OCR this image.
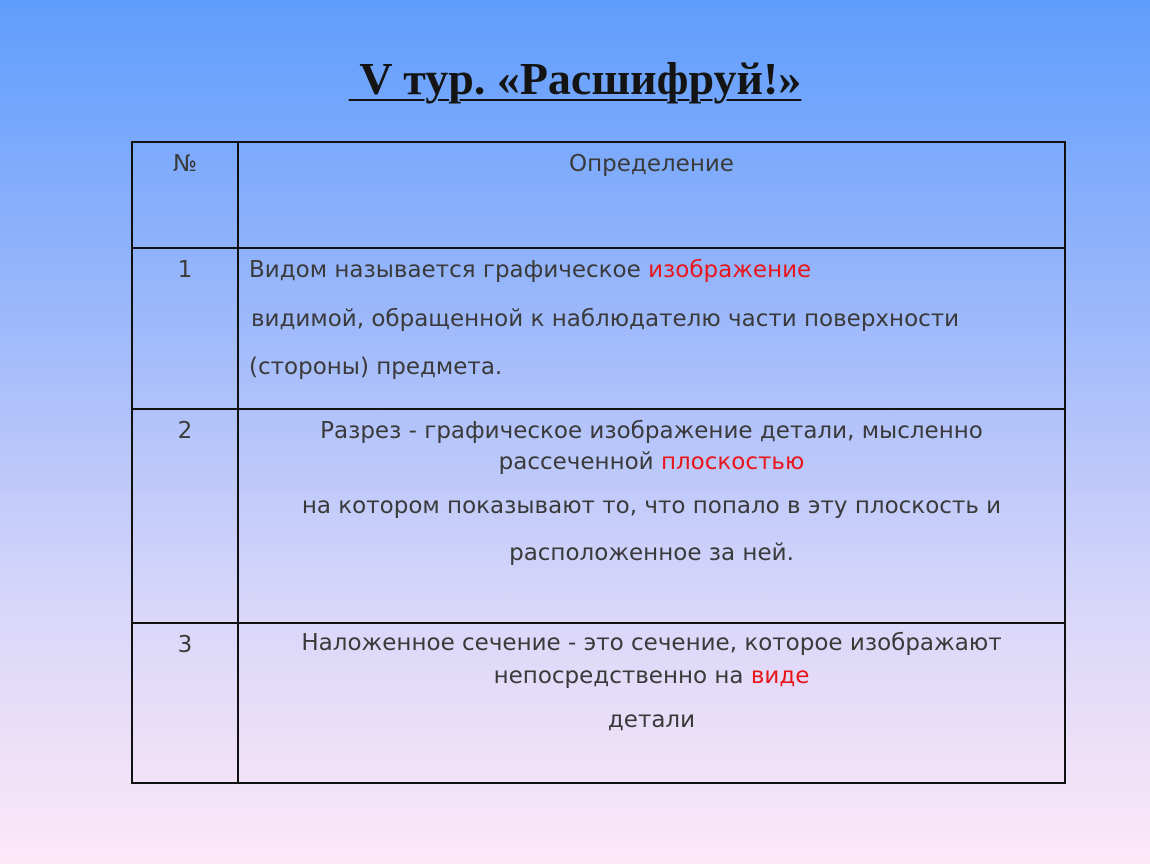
V тур. «Расшифруй!»
№	Определение
1	Видом называется графическое изображение
видимой, обращенной к наблюдателю части поверхности
(стороны) предмета.

2	Разрез - графическое изображение детали, мысленно
рассеченной плоскостью
на котором показывают то, что попало в эту плоскость и
расположенное за ней.

3	Наложенное сечение - это сечение, которое изображают
непосредственно на виде
детали
